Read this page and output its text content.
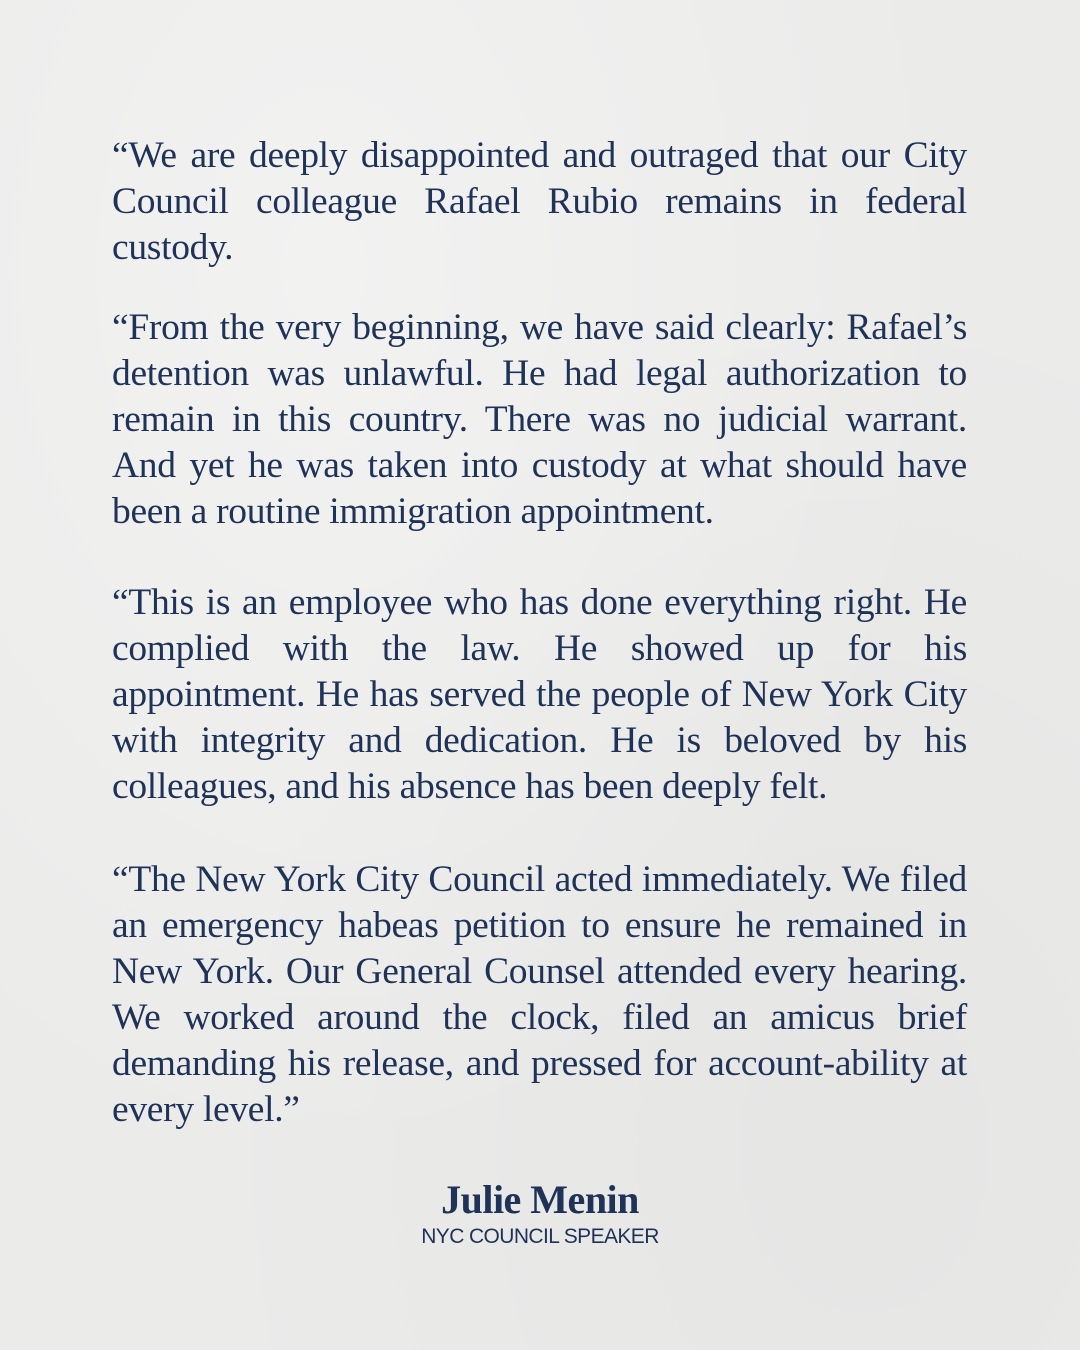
“We are deeply disappointed and outraged that our City Council colleague Rafael Rubio remains in federal custody.

“From the very beginning, we have said clearly: Rafael’s detention was unlawful. He had legal authorization to remain in this country. There was no judicial warrant. And yet he was taken into custody at what should have been a routine immigration appointment.

“This is an employee who has done everything right. He complied with the law. He showed up for his appointment. He has served the people of New York City with integrity and dedication. He is beloved by his colleagues, and his absence has been deeply felt.

“The New York City Council acted immediately. We filed an emergency habeas petition to ensure he remained in New York. Our General Counsel attended every hearing. We worked around the clock, filed an amicus brief demanding his release, and pressed for account-ability at every level.”

Julie Menin
NYC COUNCIL SPEAKER
